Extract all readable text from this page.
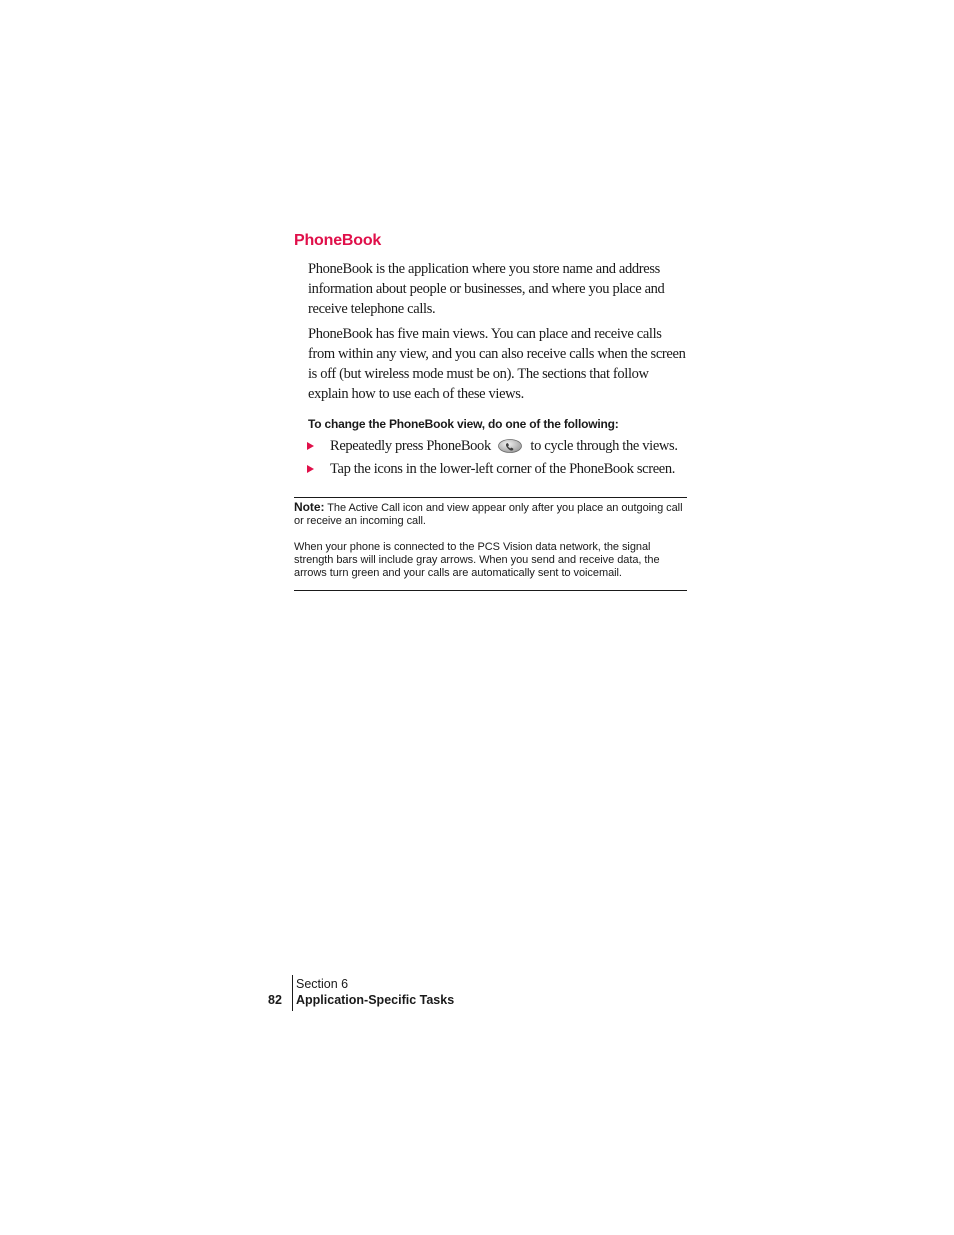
PhoneBook

PhoneBook is the application where you store name and address information about people or businesses, and where you place and receive telephone calls.

PhoneBook has five main views. You can place and receive calls from within any view, and you can also receive calls when the screen is off (but wireless mode must be on). The sections that follow explain how to use each of these views.

To change the PhoneBook view, do one of the following:

Repeatedly press PhoneBook	to cycle through the views.
Tap the icons in the lower-left corner of the PhoneBook screen.

Note: The Active Call icon and view appear only after you place an outgoing call or receive an incoming call.

When your phone is connected to the PCS Vision data network, the signal strength bars will include gray arrows. When you send and receive data, the arrows turn green and your calls are automatically sent to voicemail.

82
Section 6
Application-Specific Tasks
